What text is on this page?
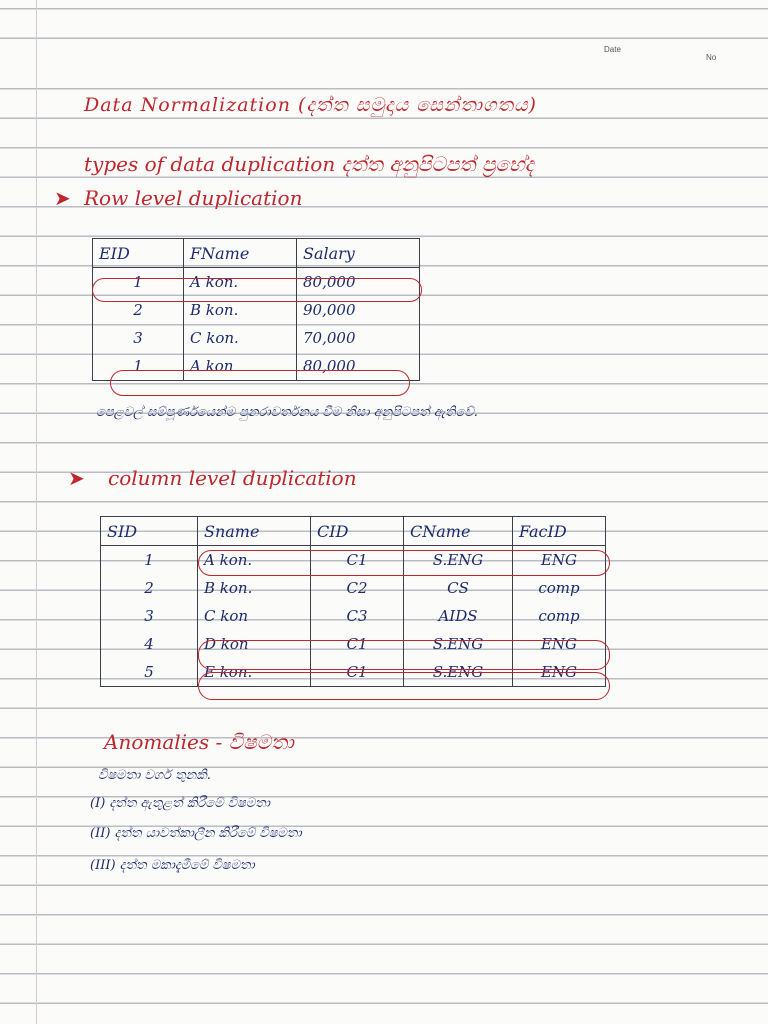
Date
No
Data Normalization (දත්ත සමුදාය සෙන්තාගතය)
types of data duplication දත්ත අනුපිටපත් ප්‍රභේද
➤ Row level duplication
EID	FName	Salary
1	A kon.	80,000
2	B kon.	90,000
3	C kon.	70,000
1	A kon	80,000
පෙළවල් සම්පූර්ණයෙන්ම පුනරාවර්තනය වීම නිසා අනුපිටපත් ඇතිවේ.
➤ column level duplication
SID	Sname	CID	CName	FacID
1	A kon.	C1	S.ENG	ENG
2	B kon.	C2	CS	comp
3	C kon	C3	AIDS	comp
4	D kon	C1	S.ENG	ENG
5	E kon.	C1	S.ENG	ENG
Anomalies - විෂමතා
විෂමතා වර්ග තුනකි.
(I) දත්ත ඇතුළත් කිරීමේ විෂමතා
(II) දත්ත යාවත්කාලීන කිරීමේ විෂමතා
(III) දත්ත මකාදැමීමේ විෂමතා
